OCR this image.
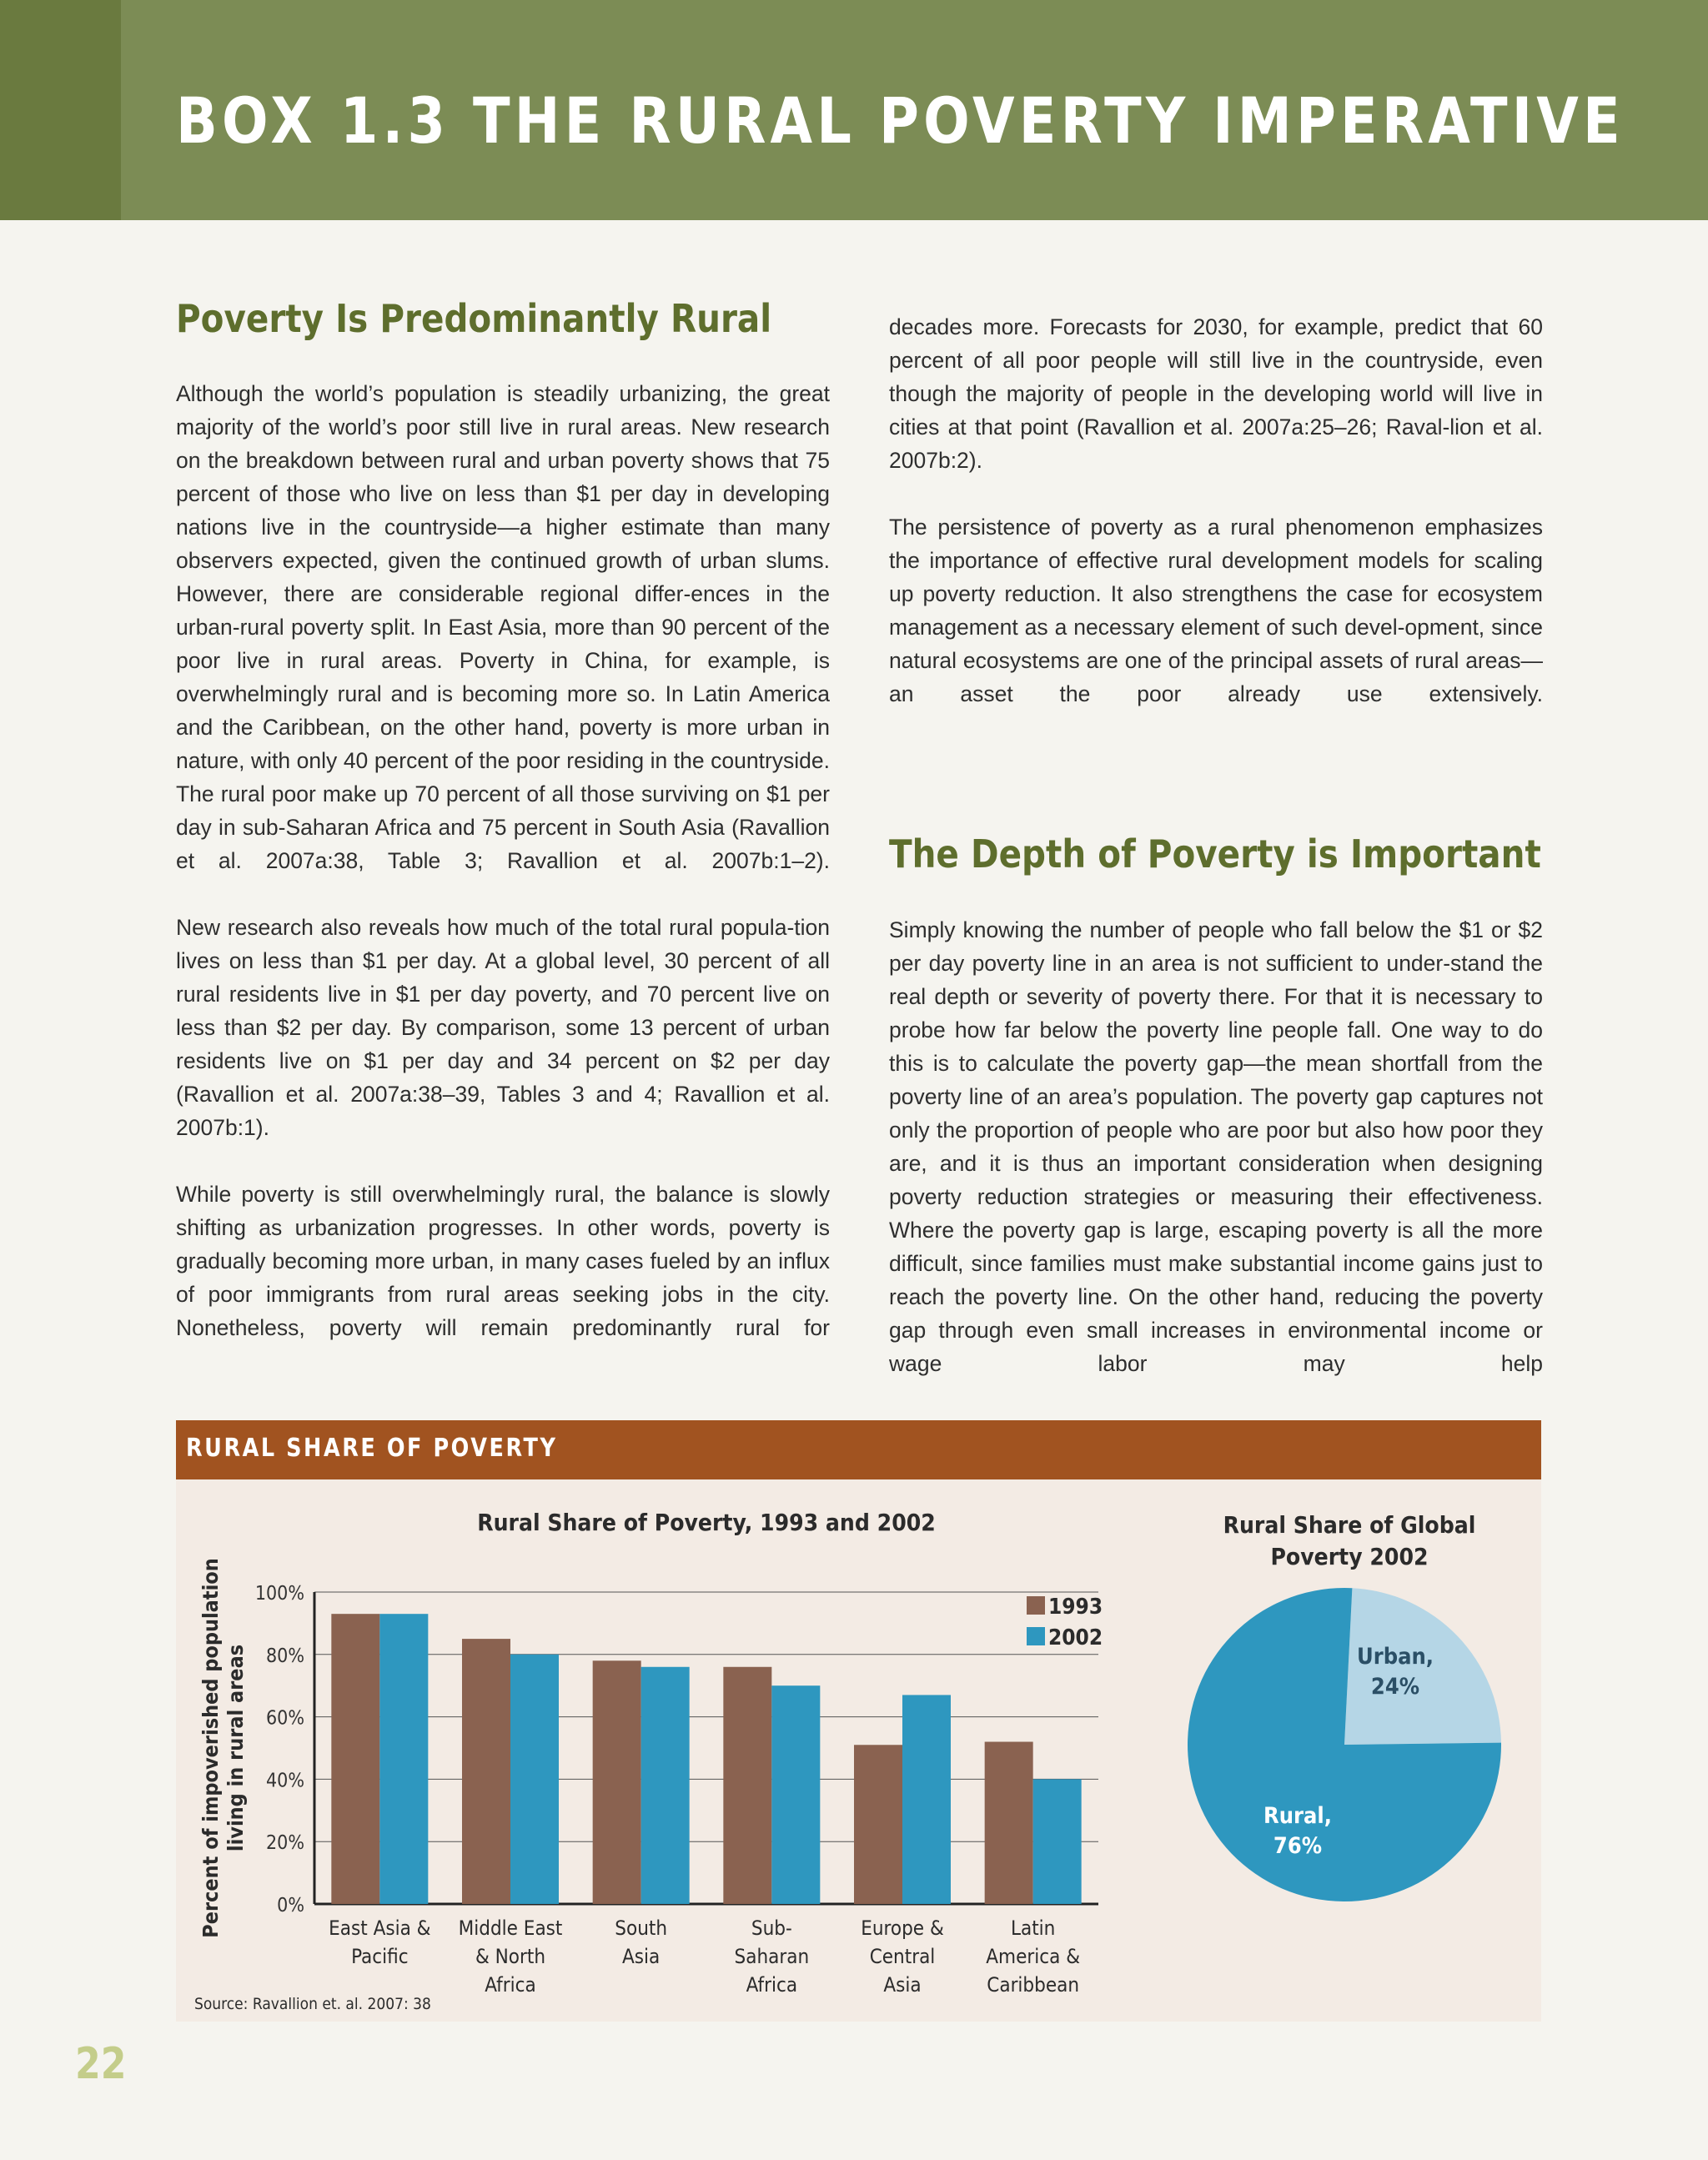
BOX 1.3 THE RURAL POVERTY IMPERATIVE
Poverty Is Predominantly Rural

Although the world’s population is steadily urbanizing, the great majority of the world’s poor still live in rural areas. New research on the breakdown between rural and urban poverty shows that 75 percent of those who live on less than $1 per day in developing nations live in the countryside—a higher estimate than many observers expected, given the continued growth of urban slums. However, there are considerable regional differ-ences in the urban-rural poverty split. In East Asia, more than 90 percent of the poor live in rural areas. Poverty in China, for example, is overwhelmingly rural and is becoming more so. In Latin America and the Caribbean, on the other hand, poverty is more urban in nature, with only 40 percent of the poor residing in the countryside. The rural poor make up 70 percent of all those surviving on $1 per day in sub-Saharan Africa and 75 percent in South Asia (Ravallion et al. 2007a:38, Table 3; Ravallion et al. 2007b:1–2).

New research also reveals how much of the total rural popula-tion lives on less than $1 per day. At a global level, 30 percent of all rural residents live in $1 per day poverty, and 70 percent live on less than $2 per day. By comparison, some 13 percent of urban residents live on $1 per day and 34 percent on $2 per day (Ravallion et al. 2007a:38–39, Tables 3 and 4; Ravallion et al. 2007b:1).

While poverty is still overwhelmingly rural, the balance is slowly shifting as urbanization progresses. In other words, poverty is gradually becoming more urban, in many cases fueled by an influx of poor immigrants from rural areas seeking jobs in the city. Nonetheless, poverty will remain predominantly rural for

decades more. Forecasts for 2030, for example, predict that 60 percent of all poor people will still live in the countryside, even though the majority of people in the developing world will live in cities at that point (Ravallion et al. 2007a:25–26; Raval-lion et al. 2007b:2).

The persistence of poverty as a rural phenomenon emphasizes the importance of effective rural development models for scaling up poverty reduction. It also strengthens the case for ecosystem management as a necessary element of such devel-opment, since natural ecosystems are one of the principal assets of rural areas—an asset the poor already use extensively.

The Depth of Poverty is Important

Simply knowing the number of people who fall below the $1 or $2 per day poverty line in an area is not sufficient to under-stand the real depth or severity of poverty there. For that it is necessary to probe how far below the poverty line people fall. One way to do this is to calculate the poverty gap—the mean shortfall from the poverty line of an area’s population. The poverty gap captures not only the proportion of people who are poor but also how poor they are, and it is thus an important consideration when designing poverty reduction strategies or measuring their effectiveness. Where the poverty gap is large, escaping poverty is all the more difficult, since families must make substantial income gains just to reach the poverty line. On the other hand, reducing the poverty gap through even small increases in environmental income or wage labor may help

RURAL SHARE OF POVERTY
Rural Share of Poverty, 1993 and 2002
0%
20%
40%
60%
80%
100%
Percent of impoverished population living in rural areas
East Asia &
Pacific
Middle East
& North
Africa
South
Asia
Sub-
Saharan
Africa
Europe &
Central
Asia
Latin
America &
Caribbean
1993
2002
Source: Ravallion et. al. 2007: 38
Rural Share of Global
Poverty 2002
Urban,
24%
Rural,
76%
22
